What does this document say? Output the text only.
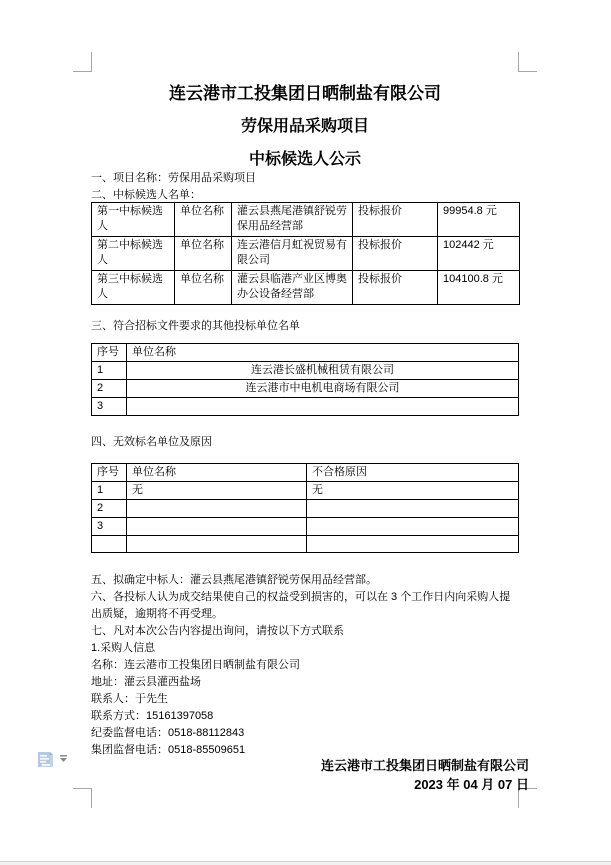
连云港市工投集团日晒制盐有限公司
劳保用品采购项目
中标候选人公示
一、项目名称：劳保用品采购项目
二、中标候选人名单：
第一中标候选人	单位名称	灌云县燕尾港镇舒锐劳保用品经营部	投标报价	99954.8 元
第二中标候选人	单位名称	连云港信月虹祝贸易有限公司	投标报价	102442 元
第三中标候选人	单位名称	灌云县临港产业区博奥办公设备经营部	投标报价	104100.8 元
三、符合招标文件要求的其他投标单位名单
序号	单位名称
1	连云港长盛机械租赁有限公司
2	连云港市中电机电商场有限公司
3	
四、无效标名单位及原因
序号	单位名称	不合格原因
1	无	无
2		
3		

五、拟确定中标人：灌云县燕尾港镇舒锐劳保用品经营部。
六、各投标人认为成交结果使自己的权益受到损害的，可以在 3 个工作日内向采购人提出质疑，逾期将不再受理。
七、凡对本次公告内容提出询问，请按以下方式联系
1.采购人信息
名称：连云港市工投集团日晒制盐有限公司
地址：灌云县灌西盐场
联系人：于先生
联系方式：15161397058
纪委监督电话：0518-88112843
集团监督电话：0518-85509651
连云港市工投集团日晒制盐有限公司
2023 年 04 月 07 日
